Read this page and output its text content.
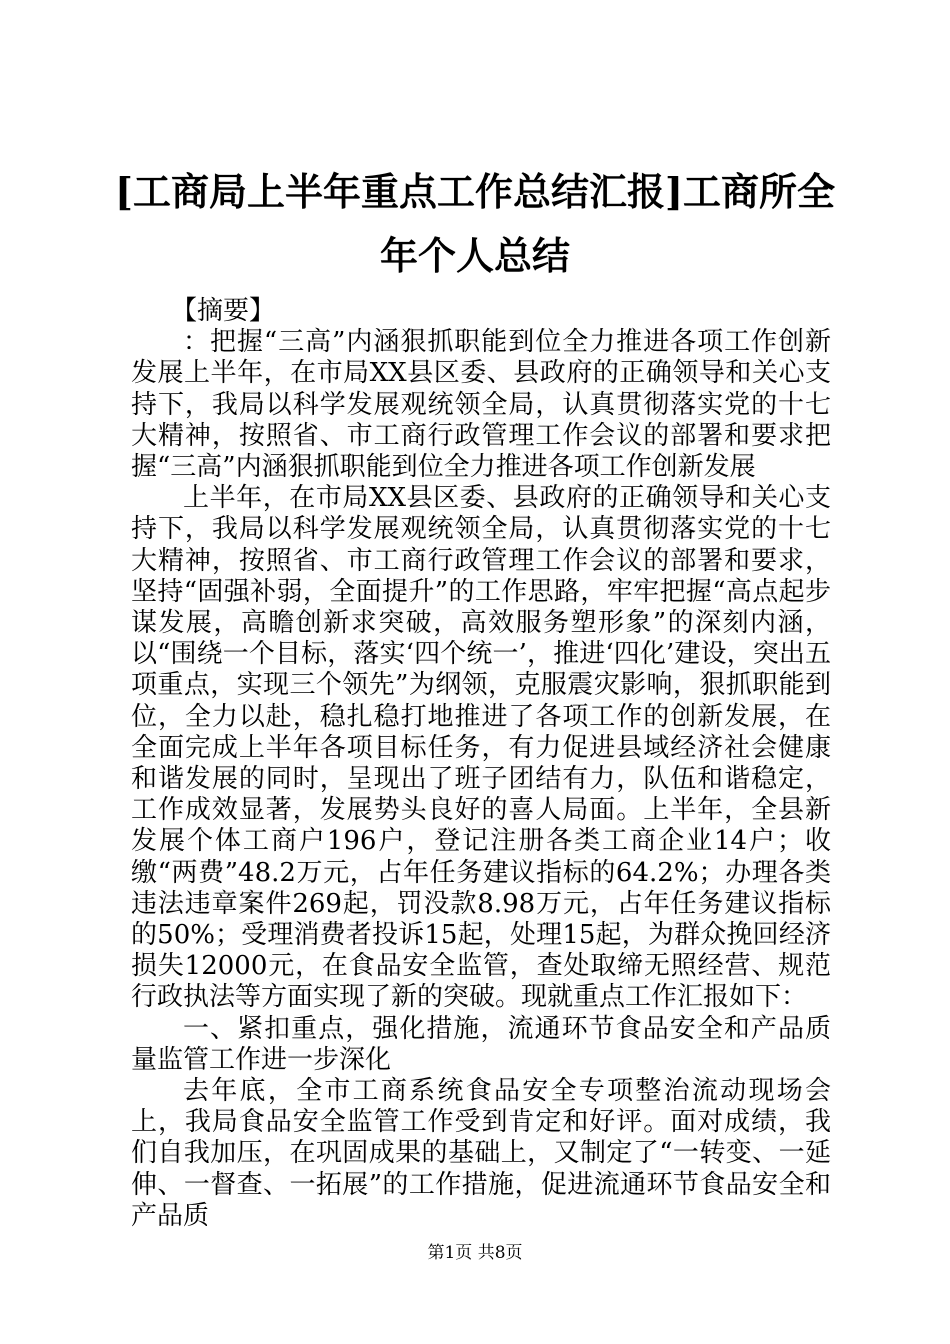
[工商局上半年重点工作总结汇报]工商所全年个人总结

【摘要】

：把握“三高”内涵狠抓职能到位全力推进各项工作创新发展上半年，在市局XX县区委、县政府的正确领导和关心支持下，我局以科学发展观统领全局，认真贯彻落实党的十七大精神，按照省、市工商行政管理工作会议的部署和要求把握“三高”内涵狠抓职能到位全力推进各项工作创新发展

上半年，在市局XX县区委、县政府的正确领导和关心支持下，我局以科学发展观统领全局，认真贯彻落实党的十七大精神，按照省、市工商行政管理工作会议的部署和要求，坚持“固强补弱，全面提升”的工作思路，牢牢把握“高点起步谋发展，高瞻创新求突破，高效服务塑形象”的深刻内涵，以“围绕一个目标，落实‘四个统一’，推进‘四化’建设，突出五项重点，实现三个领先”为纲领，克服震灾影响，狠抓职能到位，全力以赴，稳扎稳打地推进了各项工作的创新发展，在全面完成上半年各项目标任务，有力促进县域经济社会健康和谐发展的同时，呈现出了班子团结有力，队伍和谐稳定，工作成效显著，发展势头良好的喜人局面。上半年，全县新发展个体工商户196户，登记注册各类工商企业14户；收缴“两费”48.2万元，占年任务建议指标的64.2%；办理各类违法违章案件269起，罚没款8.98万元，占年任务建议指标的50%；受理消费者投诉15起，处理15起，为群众挽回经济损失12000元，在食品安全监管，查处取缔无照经营、规范行政执法等方面实现了新的突破。现就重点工作汇报如下：

一、紧扣重点，强化措施，流通环节食品安全和产品质量监管工作进一步深化

去年底，全市工商系统食品安全专项整治流动现场会上，我局食品安全监管工作受到肯定和好评。面对成绩，我们自我加压，在巩固成果的基础上，又制定了“一转变、一延伸、一督查、一拓展”的工作措施，促进流通环节食品安全和产品质

第1页 共8页
